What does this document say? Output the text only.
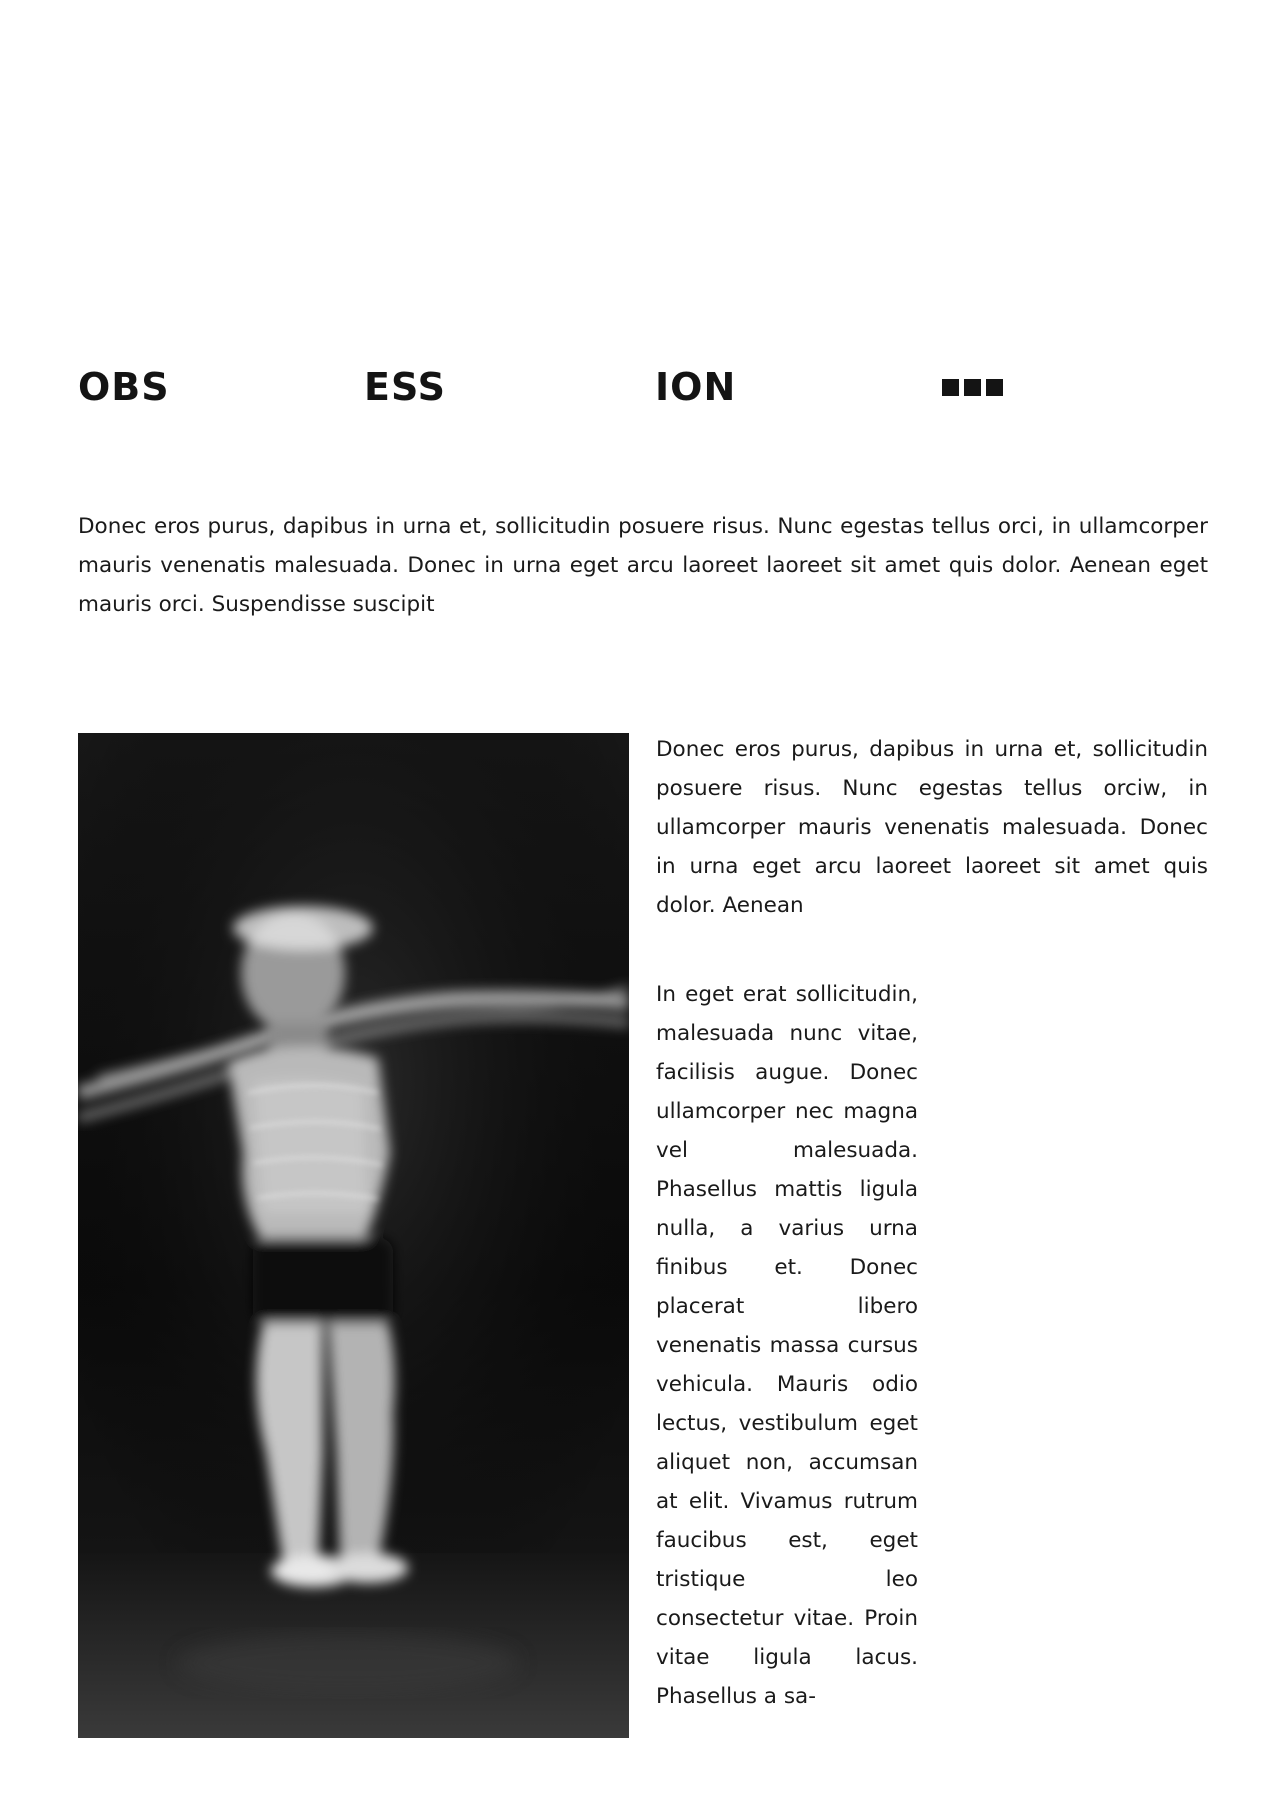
OBS	ESS	ION

Donec eros purus, dapibus in urna et, sollicitudin posuere risus. Nunc egestas tellus orci, in ullamcorper mauris venenatis malesuada. Donec in urna eget arcu laoreet laoreet sit amet quis dolor. Aenean eget mauris orci. Suspendisse suscipit

Donec eros purus, dapibus in urna et, sollicitudin posuere risus. Nunc egestas tellus orciw, in ullamcorper mauris venenatis malesuada. Donec in urna eget arcu laoreet laoreet sit amet quis dolor. Aenean

In eget erat sollicitudin, malesuada nunc vitae, facilisis augue. Donec ullamcorper nec magna vel malesuada. Phasellus mattis ligula nulla, a varius urna finibus et. Donec placerat libero venenatis massa cursus vehicula. Mauris odio lectus, vestibulum eget aliquet non, accumsan at elit. Vivamus rutrum faucibus est, eget tristique leo consectetur vitae. Proin vitae ligula lacus. Phasellus a sa-
